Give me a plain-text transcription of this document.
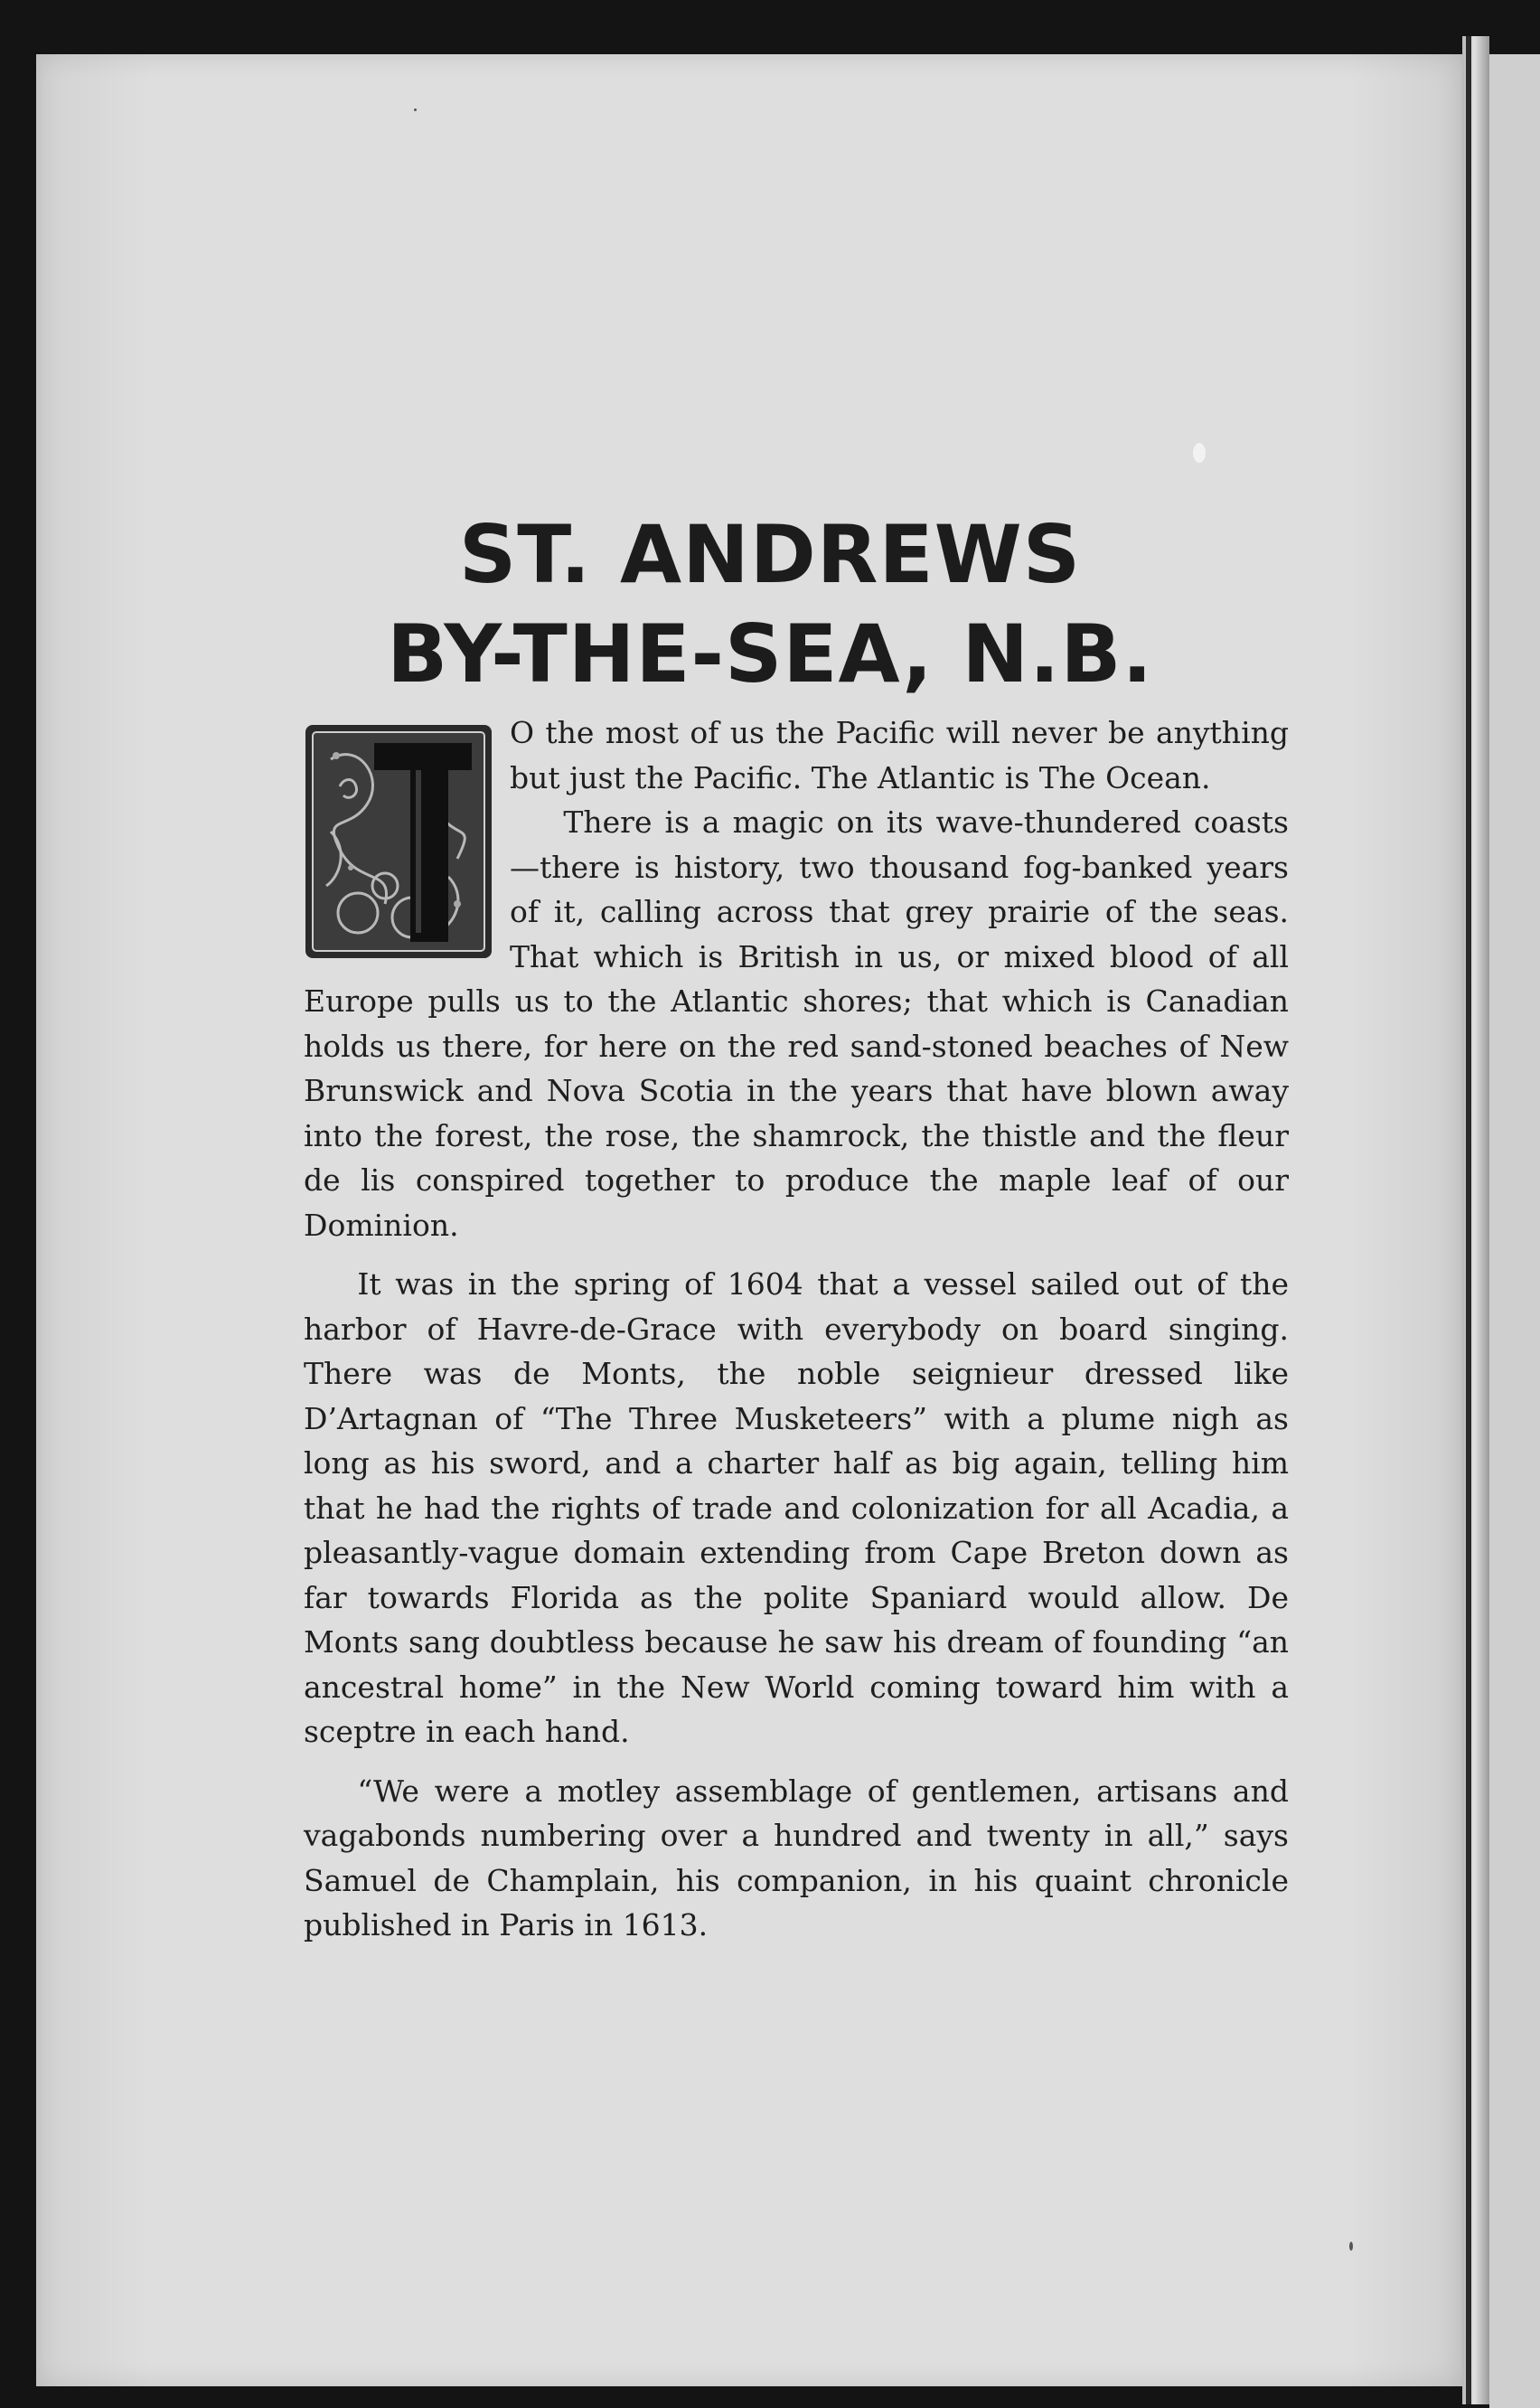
ST. ANDREWS
BY-THE-SEA, N.B.

O the most of us the Pacific will never be anything but just the Pacific. The Atlantic is The Ocean.
There is a magic on its wave-thundered coasts—there is history, two thousand fog-banked years of it, calling across that grey prairie of the seas. That which is British in us, or mixed blood of all Europe pulls us to the Atlantic shores; that which is Canadian holds us there, for here on the red sand-stoned beaches of New Brunswick and Nova Scotia in the years that have blown away into the forest, the rose, the shamrock, the thistle and the fleur de lis conspired together to produce the maple leaf of our Dominion.

It was in the spring of 1604 that a vessel sailed out of the harbor of Havre-de-Grace with everybody on board singing. There was de Monts, the noble seignieur dressed like D’Artagnan of “The Three Musketeers” with a plume nigh as long as his sword, and a charter half as big again, telling him that he had the rights of trade and colonization for all Acadia, a pleasantly-vague domain extending from Cape Breton down as far towards Florida as the polite Spaniard would allow. De Monts sang doubtless because he saw his dream of founding “an ancestral home” in the New World coming toward him with a sceptre in each hand.

“We were a motley assemblage of gentlemen, artisans and vagabonds numbering over a hundred and twenty in all,” says Samuel de Champlain, his companion, in his quaint chronicle published in Paris in 1613.
